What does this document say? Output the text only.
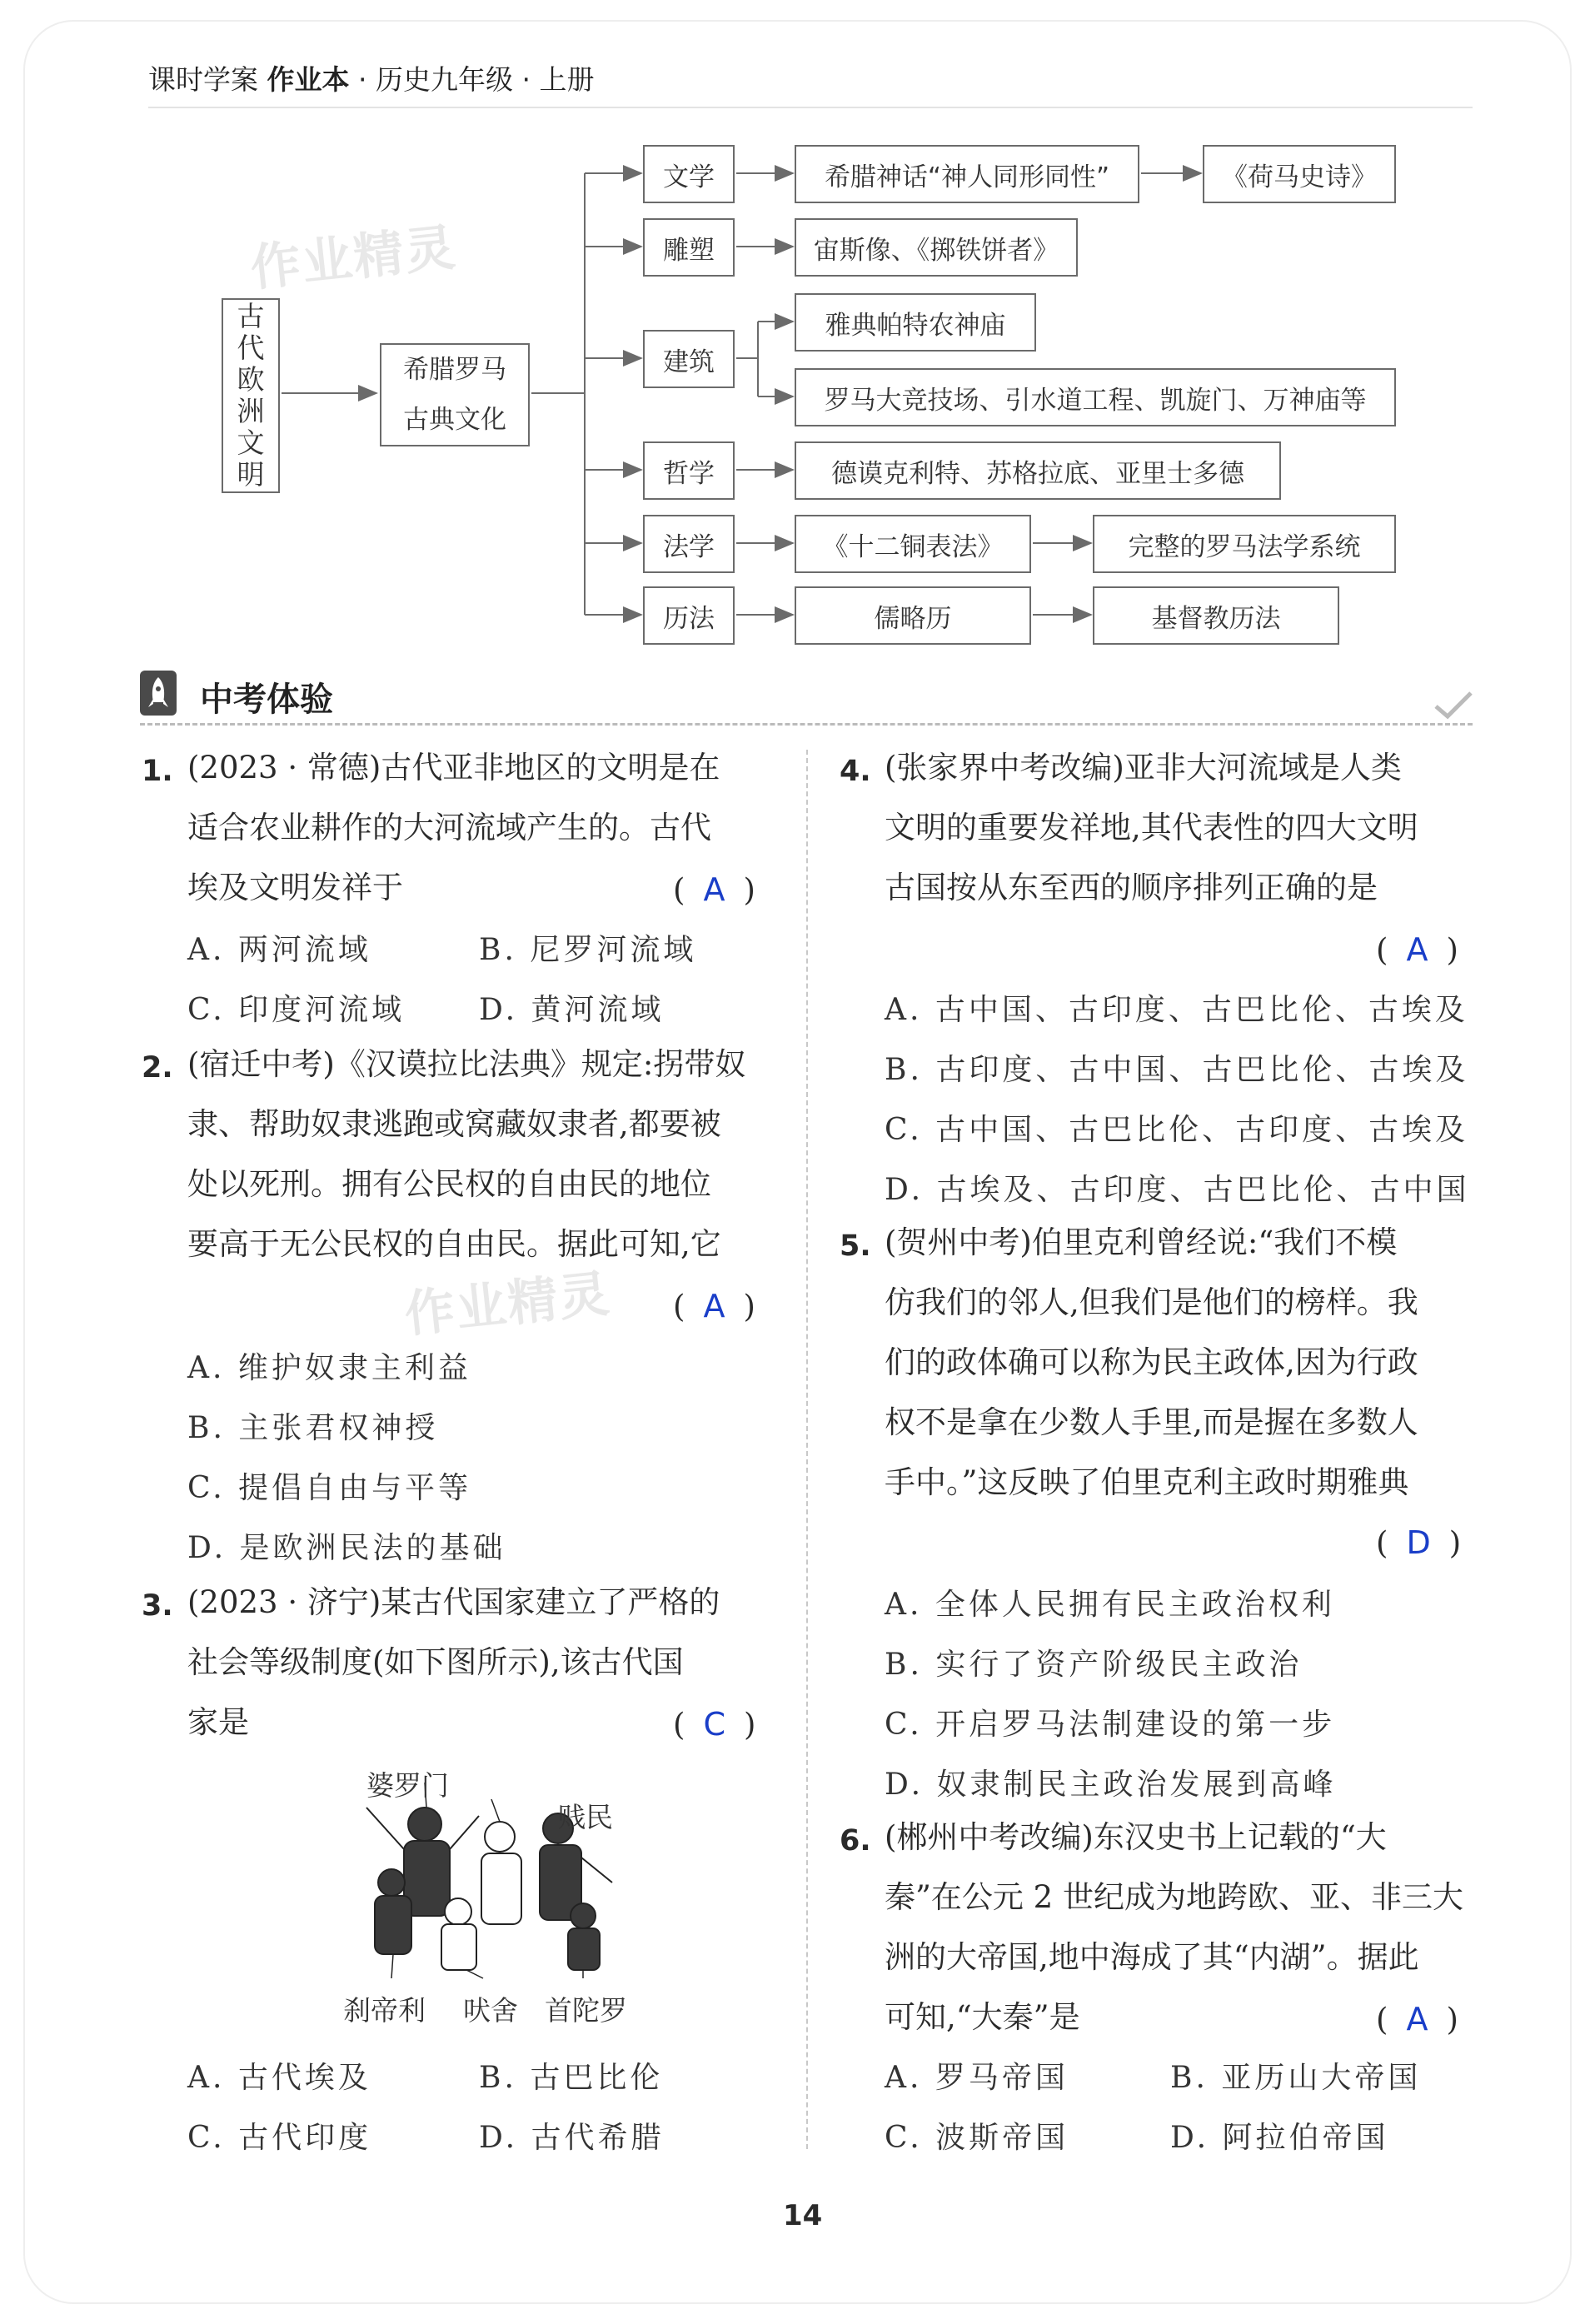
课时学案 作业本 · 历史九年级 · 上册
古
代
欧
洲
文
明
希腊罗马
古典文化
文学
雕塑
建筑
哲学
法学
历法
希腊神话“神人同形同性”	《荷马史诗》
宙斯像、《掷铁饼者》
雅典帕特农神庙
罗马大竞技场、引水道工程、凯旋门、万神庙等
德谟克利特、苏格拉底、亚里士多德
《十二铜表法》	完整的罗马法学系统
儒略历	基督教历法
作业精灵
作业精灵
中考体验
1. (2023 · 常德)古代亚非地区的文明是在
适合农业耕作的大河流域产生的。古代
埃及文明发祥于	( A )
A. 两河流域	B. 尼罗河流域
C. 印度河流域 D. 黄河流域
2. (宿迁中考)《汉谟拉比法典》规定:拐带奴
隶、帮助奴隶逃跑或窝藏奴隶者,都要被
处以死刑。拥有公民权的自由民的地位
要高于无公民权的自由民。据此可知,它
( A )
A. 维护奴隶主利益
B. 主张君权神授
C. 提倡自由与平等
D. 是欧洲民法的基础
3. (2023 · 济宁)某古代国家建立了严格的
社会等级制度(如下图所示),该古代国
家是	( C )
婆罗门
贱民
刹帝利 吠舍 首陀罗
A. 古代埃及	B. 古巴比伦
C. 古代印度	D. 古代希腊
4. (张家界中考改编)亚非大河流域是人类
文明的重要发祥地,其代表性的四大文明
古国按从东至西的顺序排列正确的是
( A )
A. 古中国、古印度、古巴比伦、古埃及
B. 古印度、古中国、古巴比伦、古埃及
C. 古中国、古巴比伦、古印度、古埃及
D. 古埃及、古印度、古巴比伦、古中国
5. (贺州中考)伯里克利曾经说:“我们不模
仿我们的邻人,但我们是他们的榜样。我
们的政体确可以称为民主政体,因为行政
权不是拿在少数人手里,而是握在多数人
手中。”这反映了伯里克利主政时期雅典
( D )
A. 全体人民拥有民主政治权利
B. 实行了资产阶级民主政治
C. 开启罗马法制建设的第一步
D. 奴隶制民主政治发展到高峰
6. (郴州中考改编)东汉史书上记载的“大
秦”在公元 2 世纪成为地跨欧、亚、非三大
洲的大帝国,地中海成了其“内湖”。据此
可知,“大秦”是	( A )
A. 罗马帝国	B. 亚历山大帝国
C. 波斯帝国	D. 阿拉伯帝国
14
